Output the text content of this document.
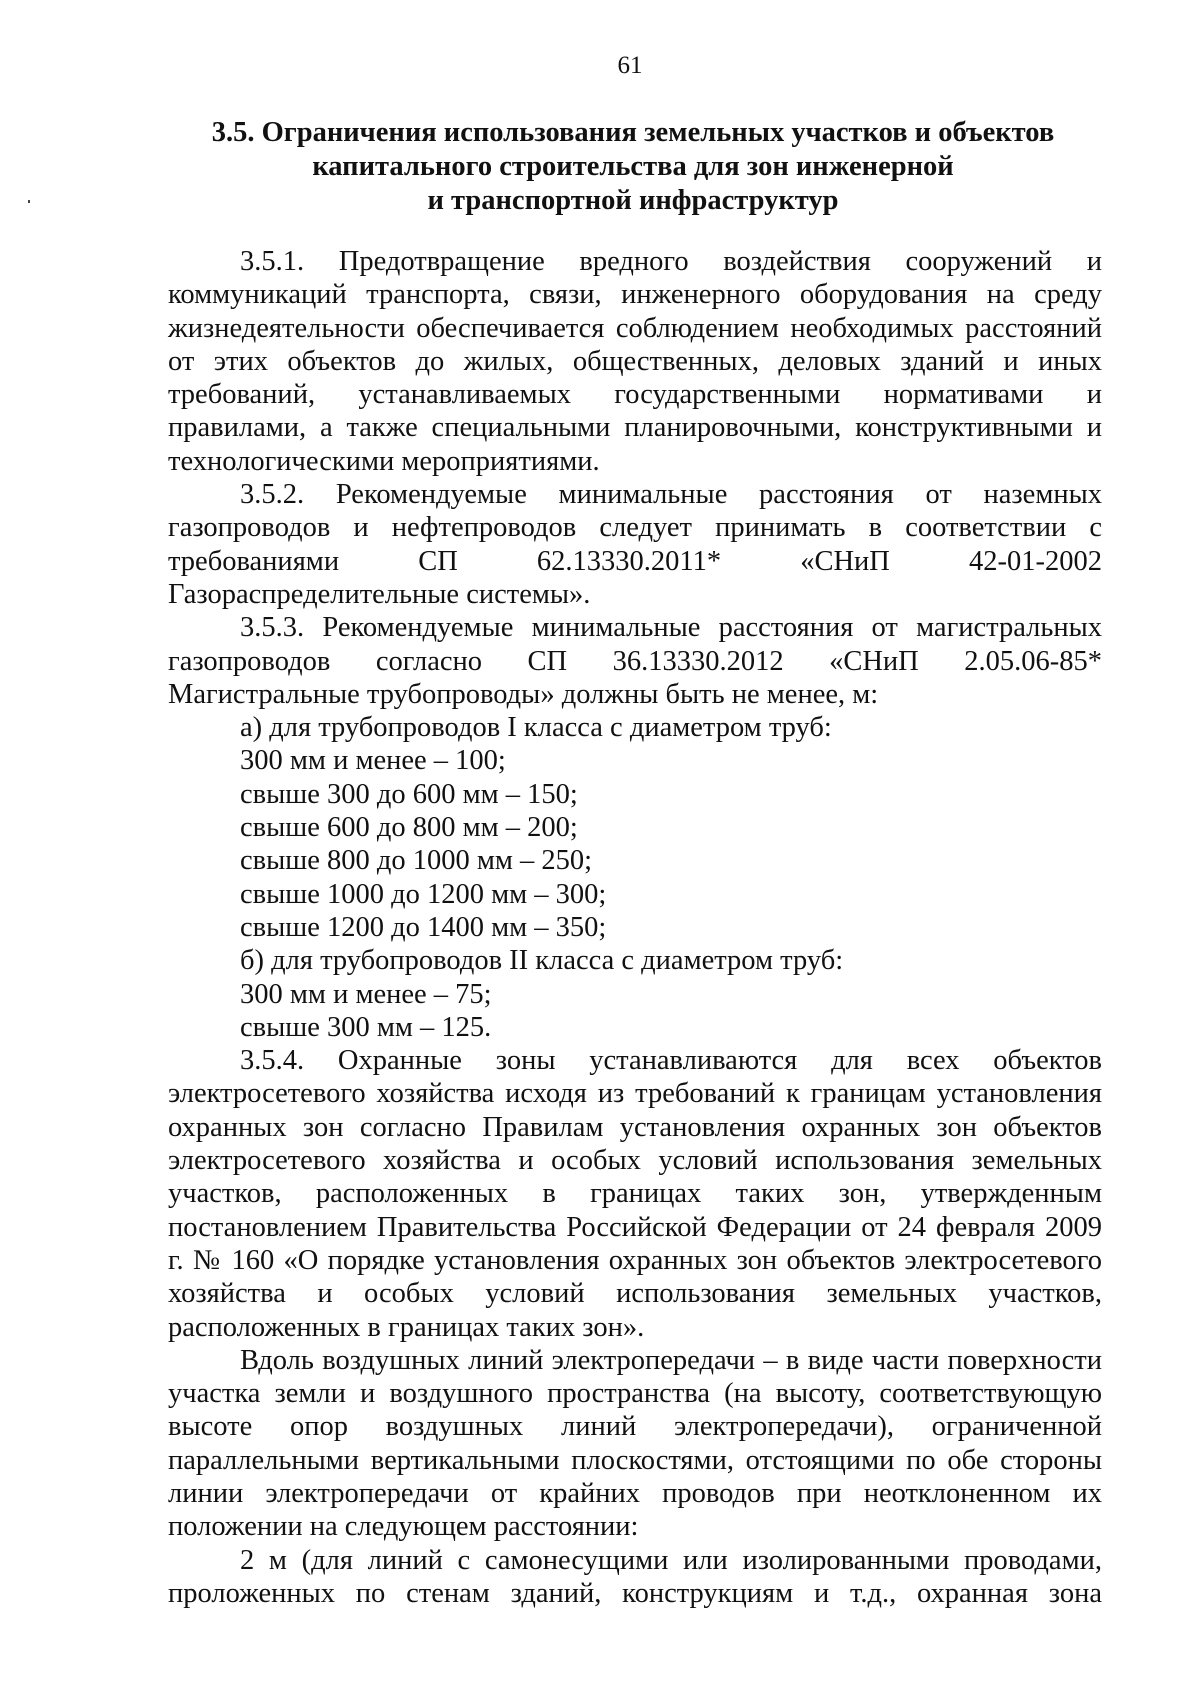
61
3.5. Ограничения использования земельных участков и объектов
капитального строительства для зон инженерной
и транспортной инфраструктур

3.5.1. Предотвращение вредного воздействия сооружений и коммуникаций транспорта, связи, инженерного оборудования на среду жизнедеятельности обеспечивается соблюдением необходимых расстояний от этих объектов до жилых, общественных, деловых зданий и иных требований, устанавливаемых государственными нормативами и правилами, а также специальными планировочными, конструктивными и технологическими мероприятиями.

3.5.2. Рекомендуемые минимальные расстояния от наземных газопроводов и нефтепроводов следует принимать в соответствии с требованиями СП 62.13330.2011* «СНиП 42-01-2002 Газораспределительные системы».

3.5.3. Рекомендуемые минимальные расстояния от магистральных газопроводов согласно СП 36.13330.2012 «СНиП 2.05.06-85* Магистральные трубопроводы» должны быть не менее, м:

а) для трубопроводов I класса с диаметром труб:

300 мм и менее – 100;

свыше 300 до 600 мм – 150;

свыше 600 до 800 мм – 200;

свыше 800 до 1000 мм – 250;

свыше 1000 до 1200 мм – 300;

свыше 1200 до 1400 мм – 350;

б) для трубопроводов II класса с диаметром труб:

300 мм и менее – 75;

свыше 300 мм – 125.

3.5.4. Охранные зоны устанавливаются для всех объектов электросетевого хозяйства исходя из требований к границам установления охранных зон согласно Правилам установления охранных зон объектов электросетевого хозяйства и особых условий использования земельных участков, расположенных в границах таких зон, утвержденным постановлением Правительства Российской Федерации от 24 февраля 2009 г. № 160 «О порядке установления охранных зон объектов электросетевого хозяйства и особых условий использования земельных участков, расположенных в границах таких зон».

Вдоль воздушных линий электропередачи – в виде части поверхности участка земли и воздушного пространства (на высоту, соответствующую высоте опор воздушных линий электропередачи), ограниченной параллельными вертикальными плоскостями, отстоящими по обе стороны линии электропередачи от крайних проводов при неотклоненном их положении на следующем расстоянии:

2 м (для линий с самонесущими или изолированными проводами, проложенных по стенам зданий, конструкциям и т.д., охранная зона
